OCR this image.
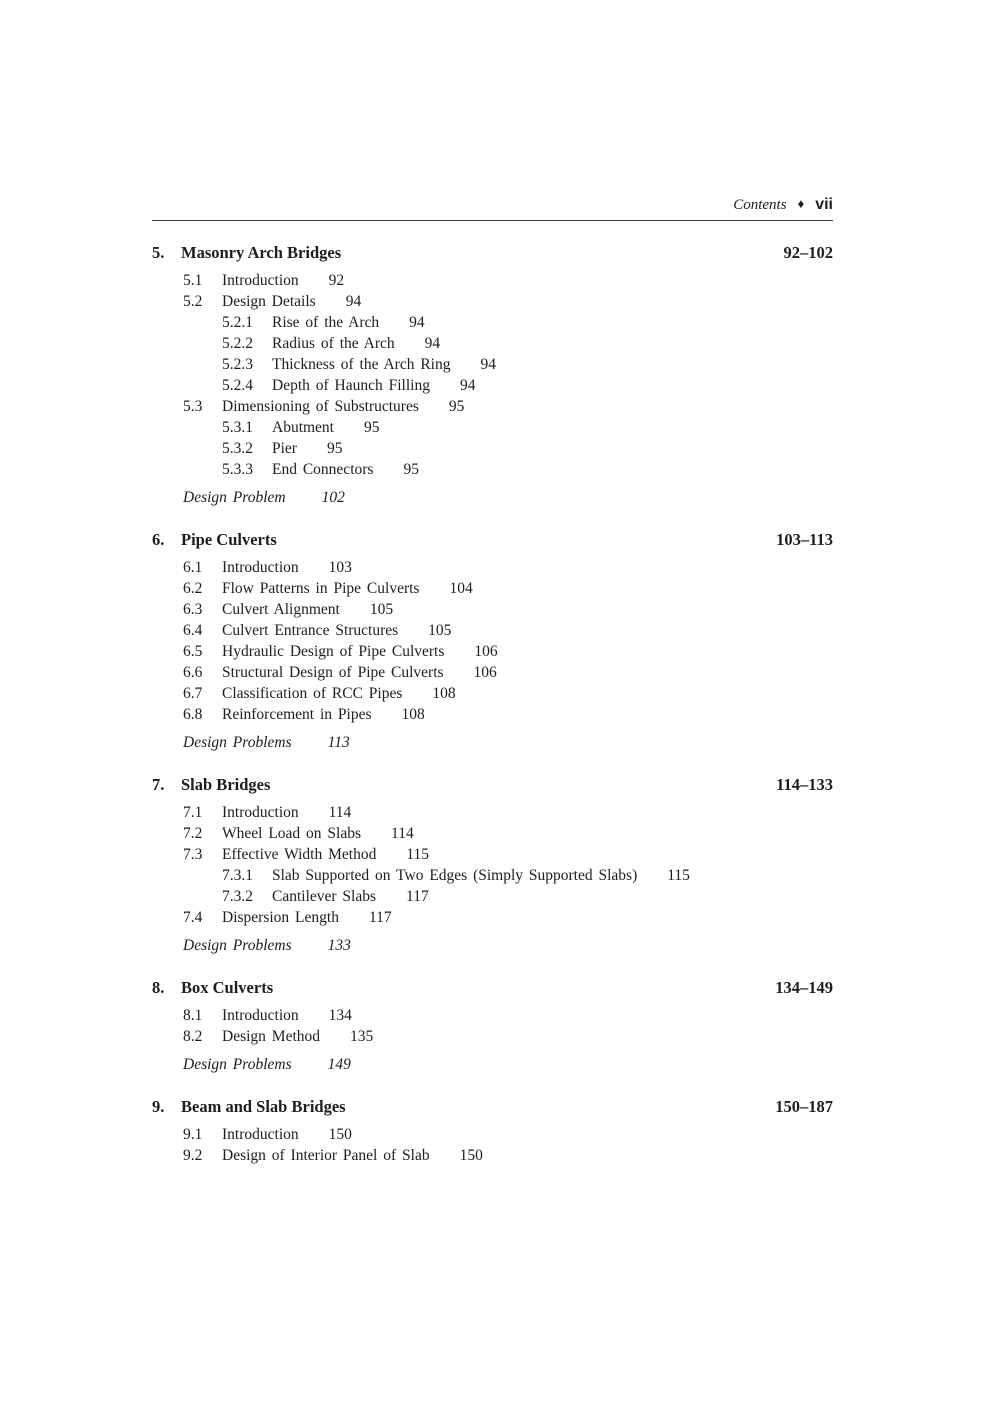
Contents ♦ vii
5.	Masonry Arch Bridges	92–102
5.1	Introduction 92
5.2	Design Details 94
5.2.1	Rise of the Arch 94
5.2.2	Radius of the Arch 94
5.2.3	Thickness of the Arch Ring 94
5.2.4	Depth of Haunch Filling 94
5.3	Dimensioning of Substructures 95
5.3.1	Abutment 95
5.3.2	Pier 95
5.3.3	End Connectors 95
Design Problem 102
6.	Pipe Culverts	103–113
6.1	Introduction 103
6.2	Flow Patterns in Pipe Culverts 104
6.3	Culvert Alignment 105
6.4	Culvert Entrance Structures 105
6.5	Hydraulic Design of Pipe Culverts 106
6.6	Structural Design of Pipe Culverts 106
6.7	Classification of RCC Pipes 108
6.8	Reinforcement in Pipes 108
Design Problems 113
7.	Slab Bridges	114–133
7.1	Introduction 114
7.2	Wheel Load on Slabs 114
7.3	Effective Width Method 115
7.3.1	Slab Supported on Two Edges (Simply Supported Slabs) 115
7.3.2	Cantilever Slabs 117
7.4	Dispersion Length 117
Design Problems 133
8.	Box Culverts	134–149
8.1	Introduction 134
8.2	Design Method 135
Design Problems 149
9.	Beam and Slab Bridges	150–187
9.1	Introduction 150
9.2	Design of Interior Panel of Slab 150
